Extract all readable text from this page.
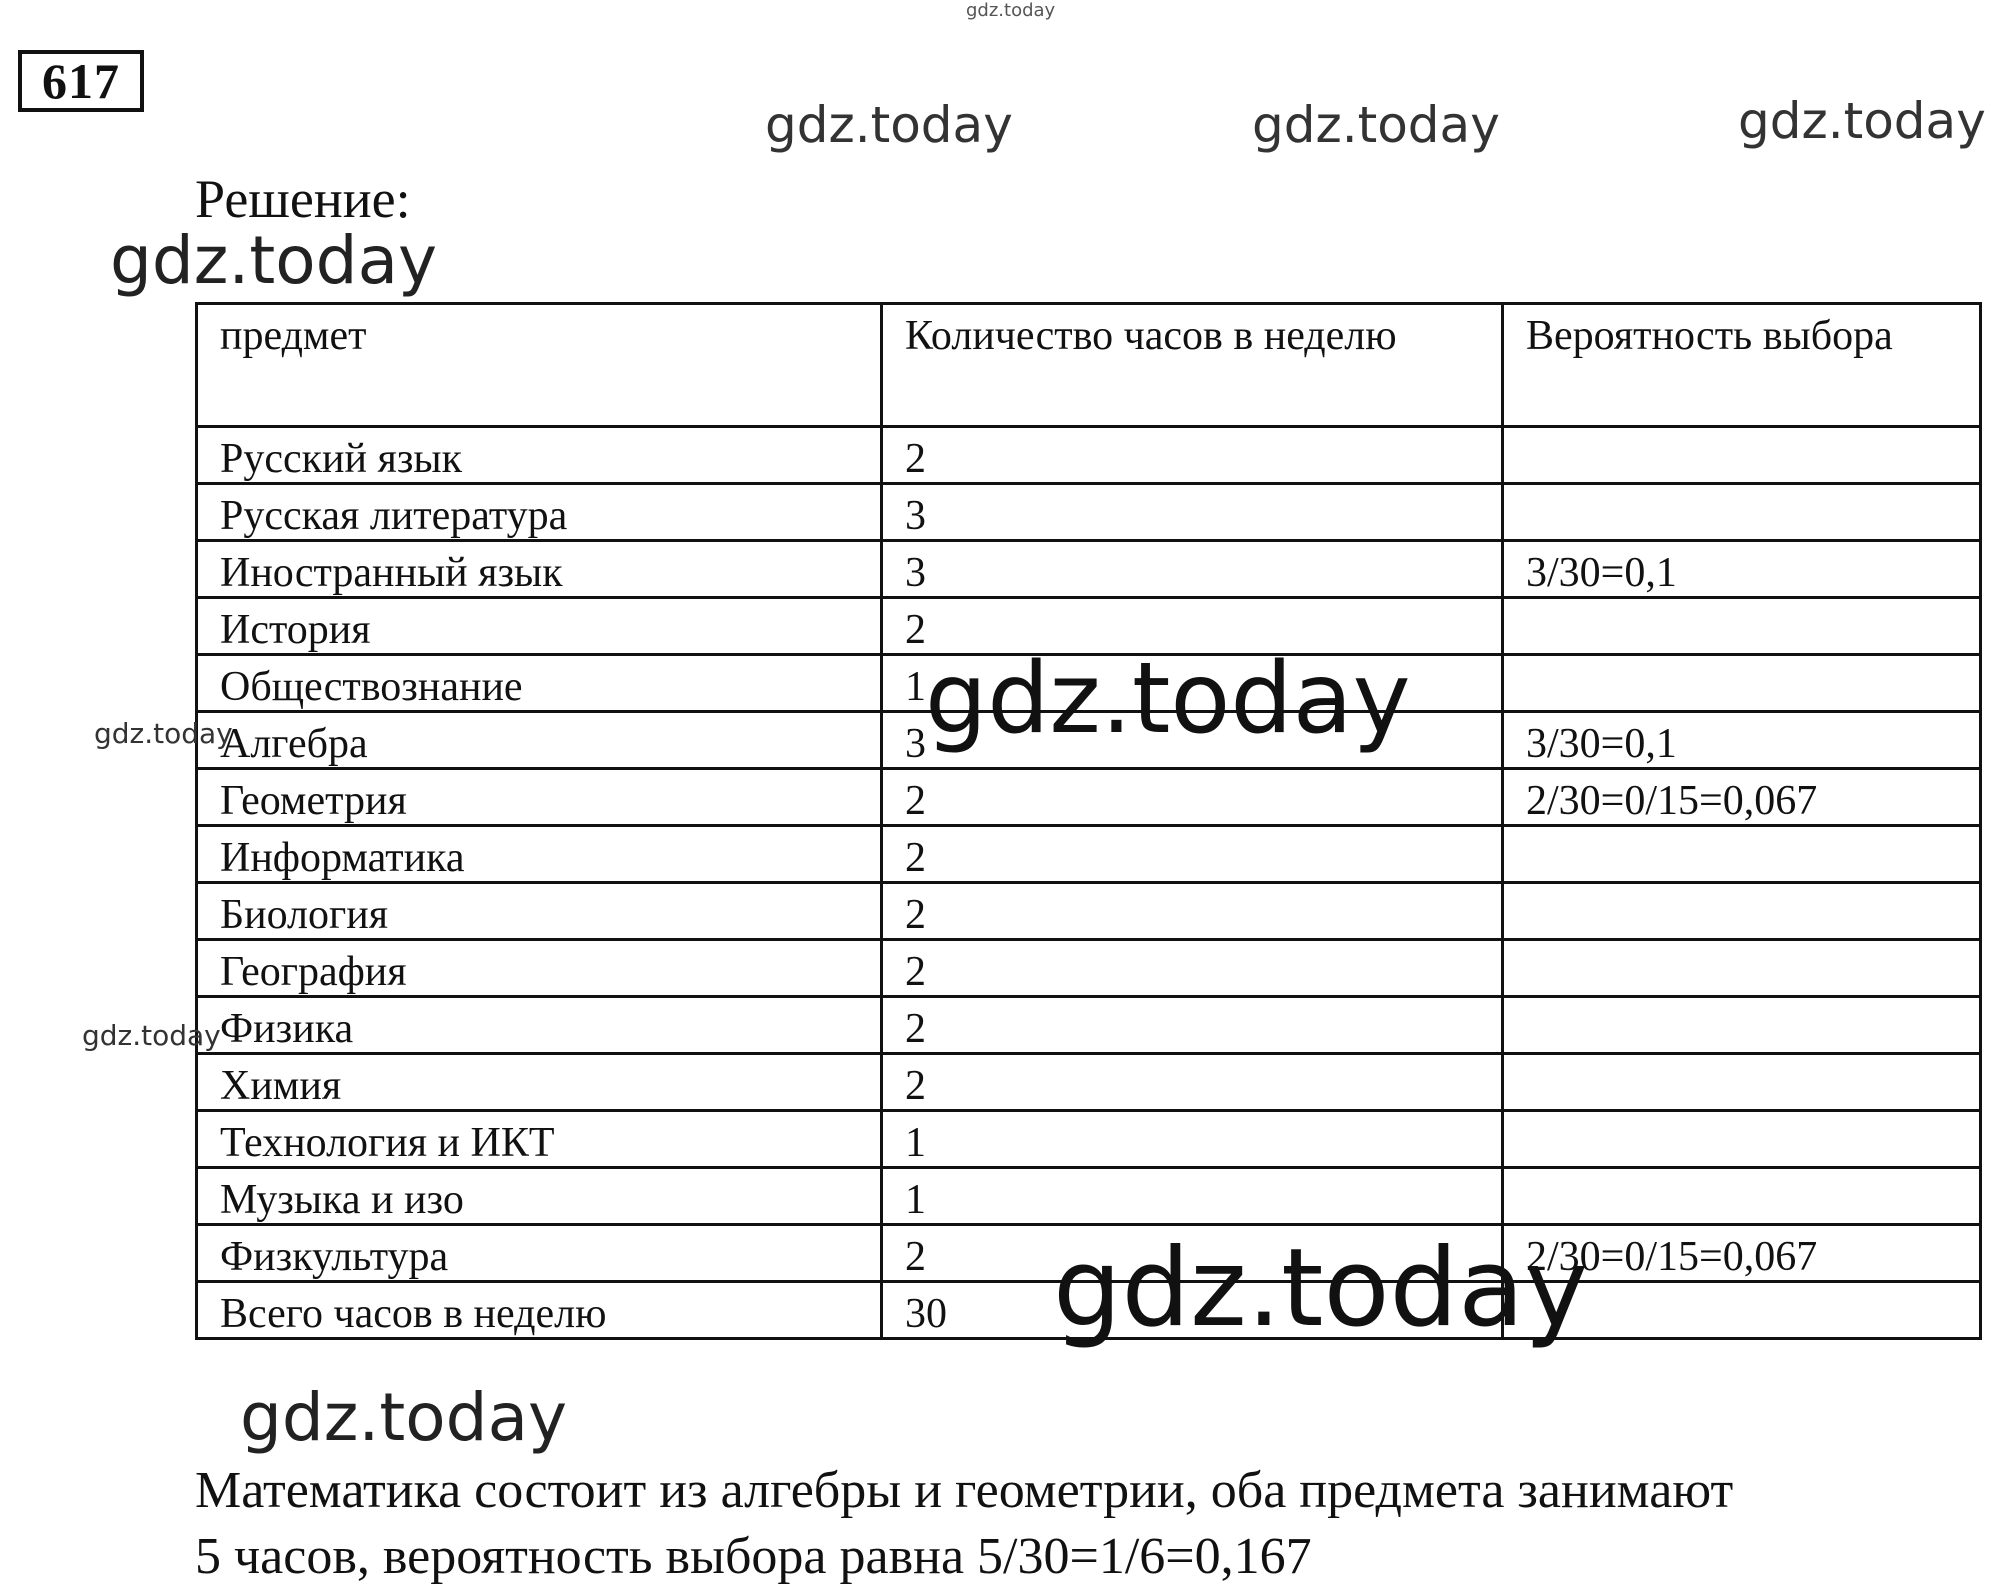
617
Решение:
предмет	Количество часов в неделю	Вероятность выбора
Русский язык	2	
Русская литература	3	
Иностранный язык	3	3/30=0,1
История	2	
Обществознание	1	
Алгебра	3	3/30=0,1
Геометрия	2	2/30=0/15=0,067
Информатика	2	
Биология	2	
География	2	
Физика	2	
Химия	2	
Технология и ИКТ	1	
Музыка и изо	1	
Физкультура	2	2/30=0/15=0,067
Всего часов в неделю	30	
Математика состоит из алгебры и геометрии, оба предмета занимают
5 часов, вероятность выбора равна 5/30=1/6=0,167
gdz.today
gdz.today	gdz.today	gdz.today
gdz.today
gdz.today	gdz.today
gdz.today
gdz.today
gdz.today
